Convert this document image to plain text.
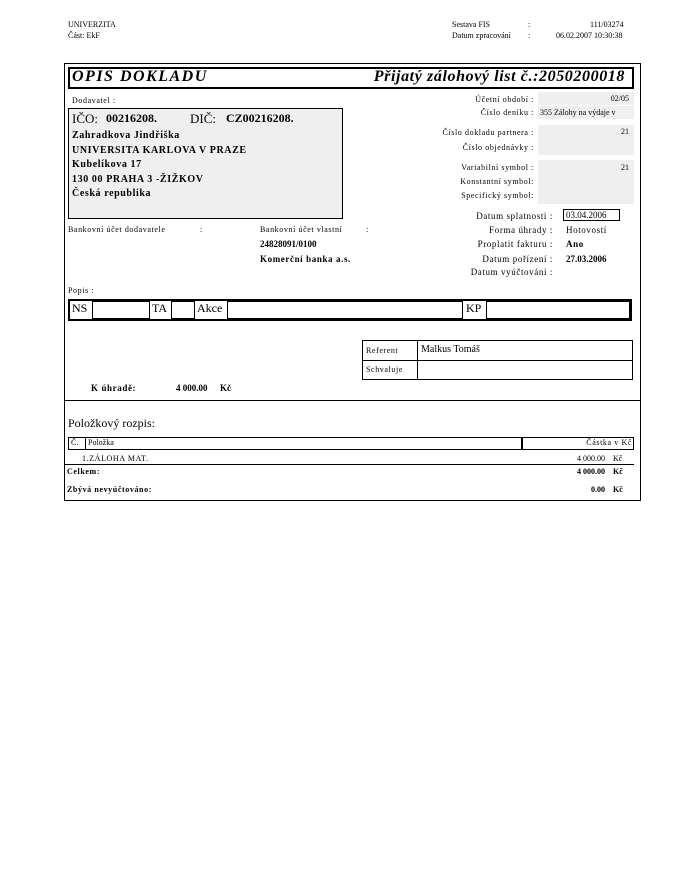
UNIVERZITA
Část: EkF
Sestava FIS	:	111/03274
Datum zpracování :	06.02.2007 10:30:38
OPIS DOKLADU	Přijatý zálohový list č.:2050200018
Dodavatel :
IČO: 00216208.	DIČ: CZ00216208.
Zahradkova Jindřiška
UNIVERSITA KARLOVA V PRAZE
Kubelíkova 17
130 00 PRAHA 3 -ŽIŽKOV
Česká republika
Účetní období :	02/05
Číslo deníku : 355 Zálohy na výdaje v
Číslo dokladu partnera :	21
Číslo objednávky :
Variabilní symbol :	21
Konstantní symbol:
Specifický symbol:
Datum splatnosti : 03.04.2006
Forma úhrady : Hotovostí
Proplatit fakturu : Ano
Datum pořízení : 27.03.2006
Datum vyúčtování :
Bankovní účet dodavatele	:	Bankovní účet vlastní	:
24828091/0100
Komerční banka a.s.
Popis :
NS	TA Akce	KP
Referent Malkus Tomáš
Schvaluje
K úhradě:	4 000.00 Kč
Položkový rozpis:
Č. Položka	Částka v Kč
1.ZÁLOHA MAT.	4 000.00 Kč
Celkem:	4 000.00 Kč
Zbývá nevyúčtováno:	0.00 Kč
